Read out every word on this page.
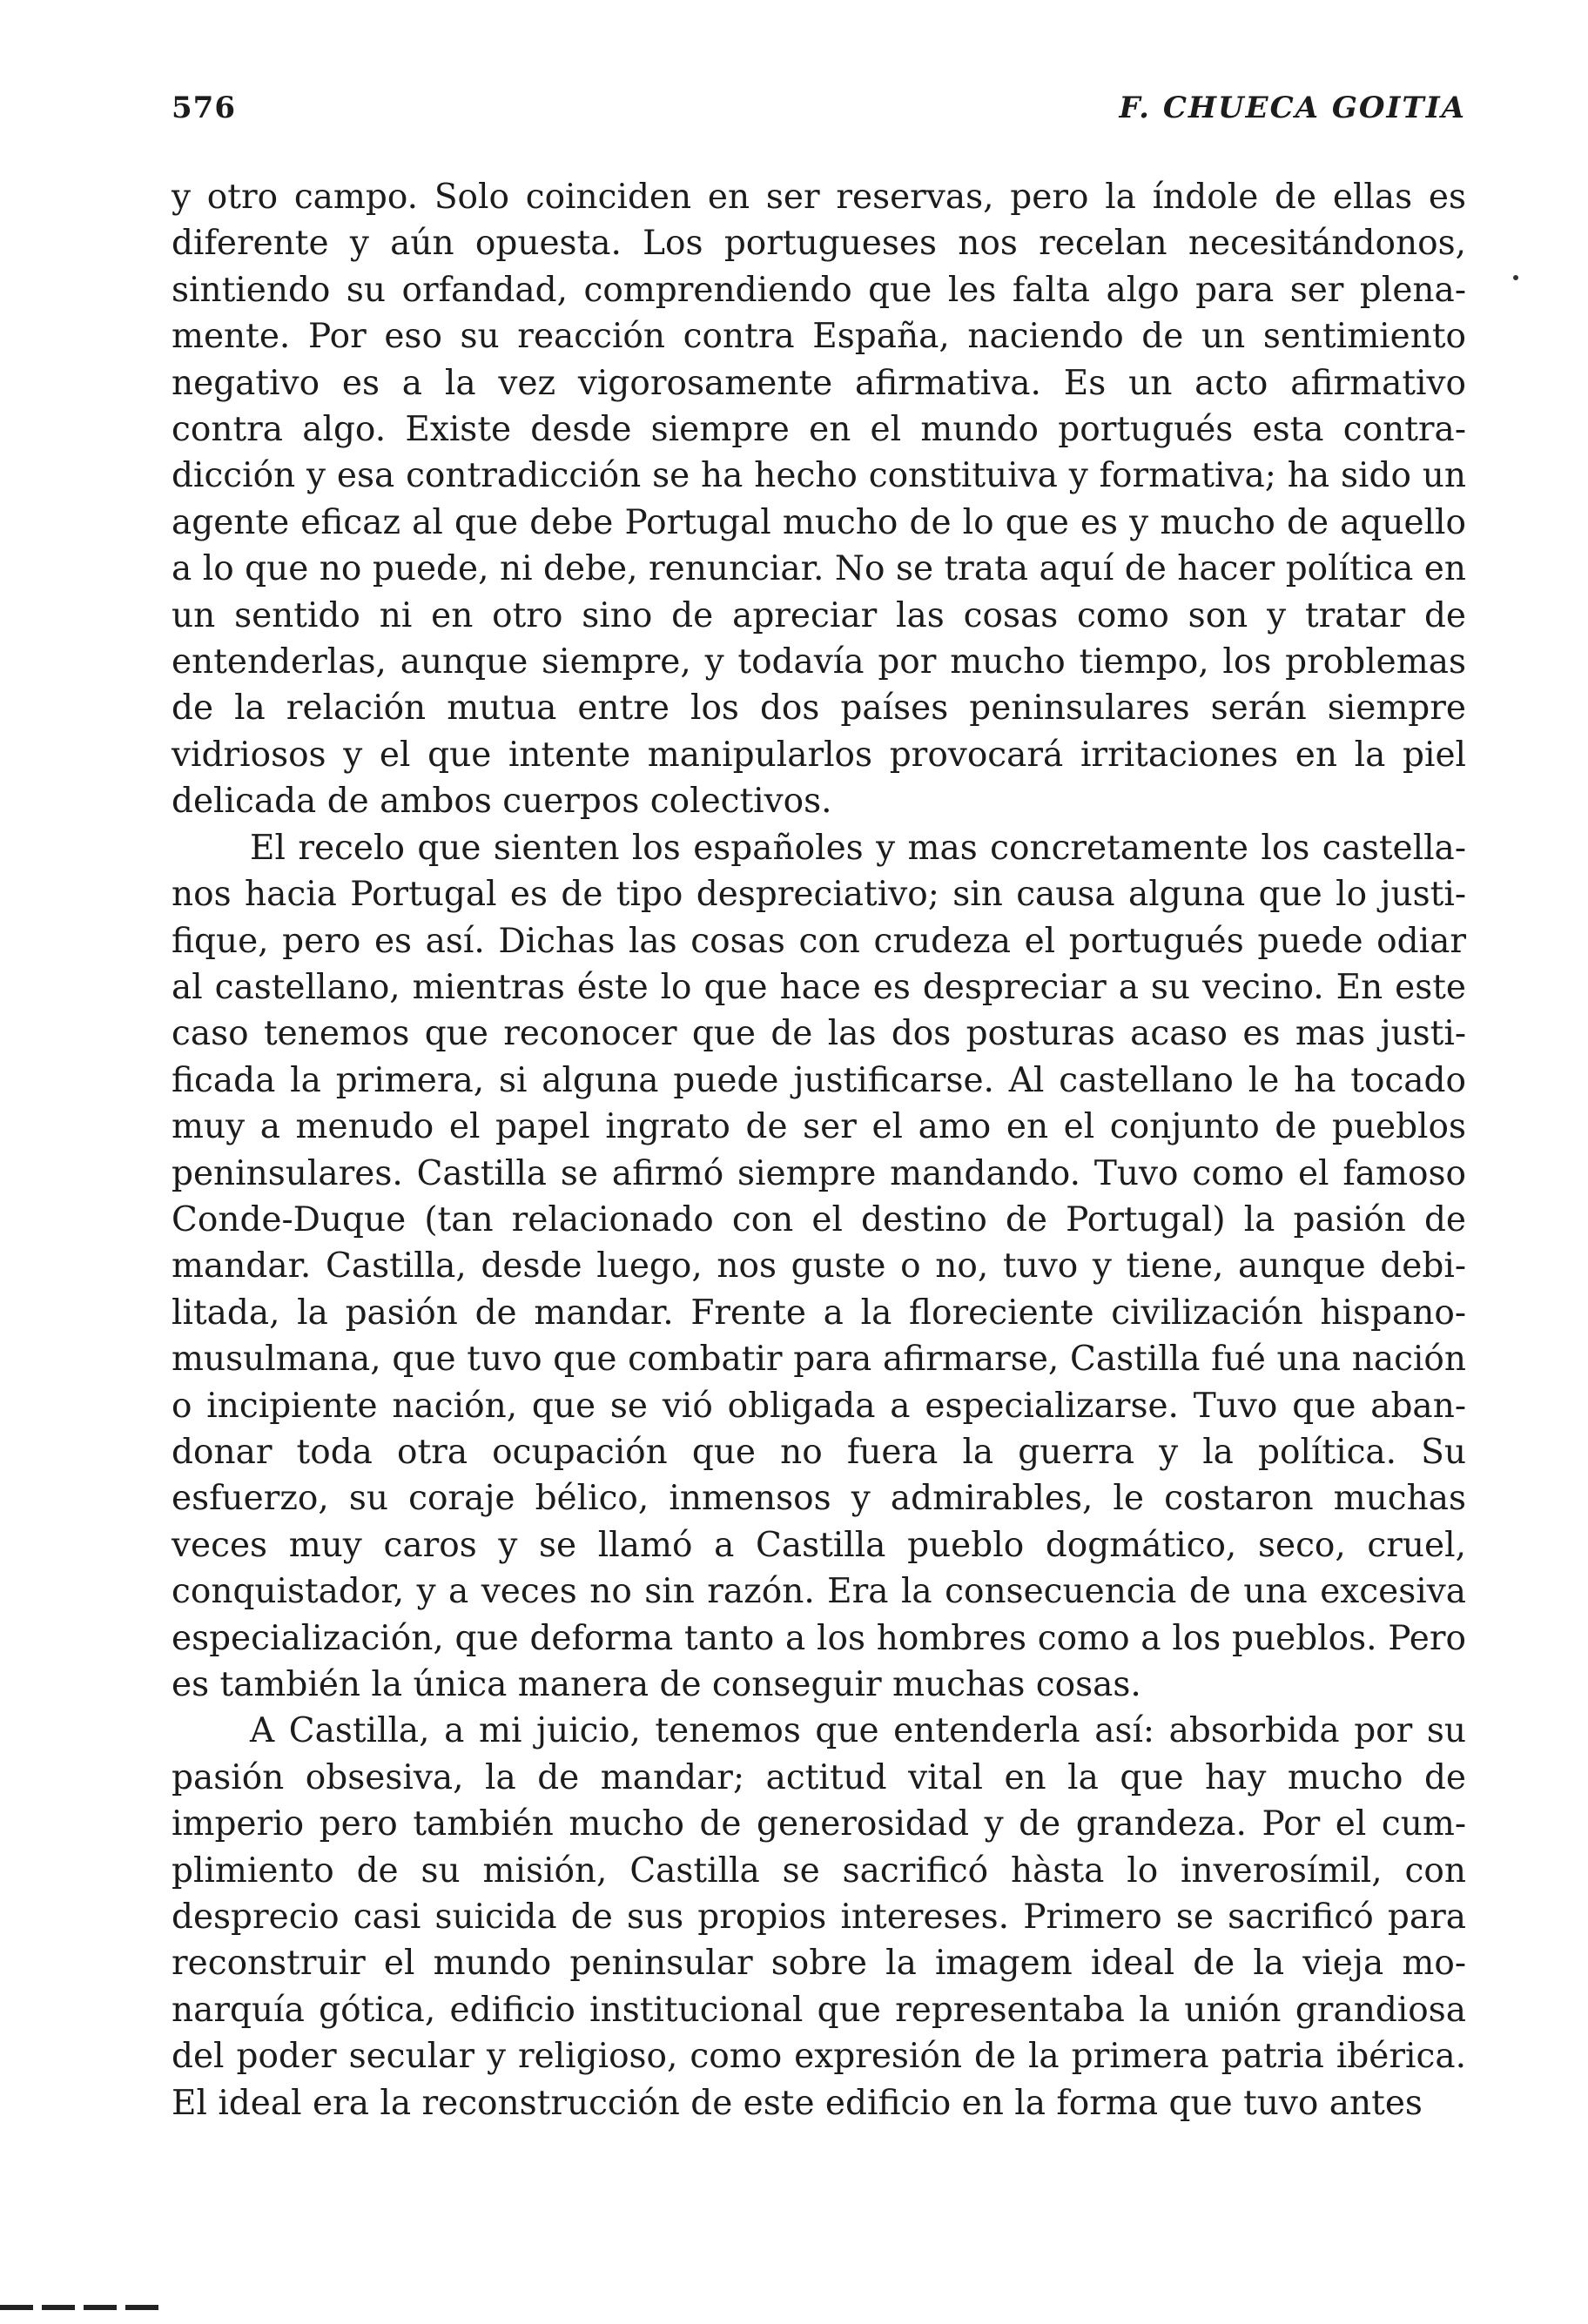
576	F. CHUECA GOITIA

y otro campo. Solo coinciden en ser reservas, pero la índole de ellas es diferente y aún opuesta. Los portugueses nos recelan necesitándonos, sintiendo su orfandad, comprendiendo que les falta algo para ser plenamente. Por eso su reacción contra España, naciendo de un sentimiento negativo es a la vez vigorosamente afirmativa. Es un acto afirmativo contra algo. Existe desde siempre en el mundo portugués esta contradicción y esa contradicción se ha hecho constituiva y formativa; ha sido un agente eficaz al que debe Portugal mucho de lo que es y mucho de aquello a lo que no puede, ni debe, renunciar. No se trata aquí de hacer política en un sentido ni en otro sino de apreciar las cosas como son y tratar de entenderlas, aunque siempre, y todavía por mucho tiempo, los problemas de la relación mutua entre los dos países peninsulares serán siempre vidriosos y el que intente manipularlos provocará irritaciones en la piel delicada de ambos cuerpos colectivos.

El recelo que sienten los españoles y mas concretamente los castellanos hacia Portugal es de tipo despreciativo; sin causa alguna que lo justifique, pero es así. Dichas las cosas con crudeza el portugués puede odiar al castellano, mientras éste lo que hace es despreciar a su vecino. En este caso tenemos que reconocer que de las dos posturas acaso es mas justificada la primera, si alguna puede justificarse. Al castellano le ha tocado muy a menudo el papel ingrato de ser el amo en el conjunto de pueblos peninsulares. Castilla se afirmó siempre mandando. Tuvo como el famoso Conde-Duque (tan relacionado con el destino de Portugal) la pasión de mandar. Castilla, desde luego, nos guste o no, tuvo y tiene, aunque debilitada, la pasión de mandar. Frente a la floreciente civilización hispanomusulmana, que tuvo que combatir para afirmarse, Castilla fué una nación o incipiente nación, que se vió obligada a especializarse. Tuvo que abandonar toda otra ocupación que no fuera la guerra y la política. Su esfuerzo, su coraje bélico, inmensos y admirables, le costaron muchas veces muy caros y se llamó a Castilla pueblo dogmático, seco, cruel, conquistador, y a veces no sin razón. Era la consecuencia de una excesiva especialización, que deforma tanto a los hombres como a los pueblos. Pero es también la única manera de conseguir muchas cosas.

A Castilla, a mi juicio, tenemos que entenderla así: absorbida por su pasión obsesiva, la de mandar; actitud vital en la que hay mucho de imperio pero también mucho de generosidad y de grandeza. Por el cumplimiento de su misión, Castilla se sacrificó hàsta lo inverosímil, con desprecio casi suicida de sus propios intereses. Primero se sacrificó para reconstruir el mundo peninsular sobre la imagem ideal de la vieja monarquía gótica, edificio institucional que representaba la unión grandiosa del poder secular y religioso, como expresión de la primera patria ibérica. El ideal era la reconstrucción de este edificio en la forma que tuvo antes
